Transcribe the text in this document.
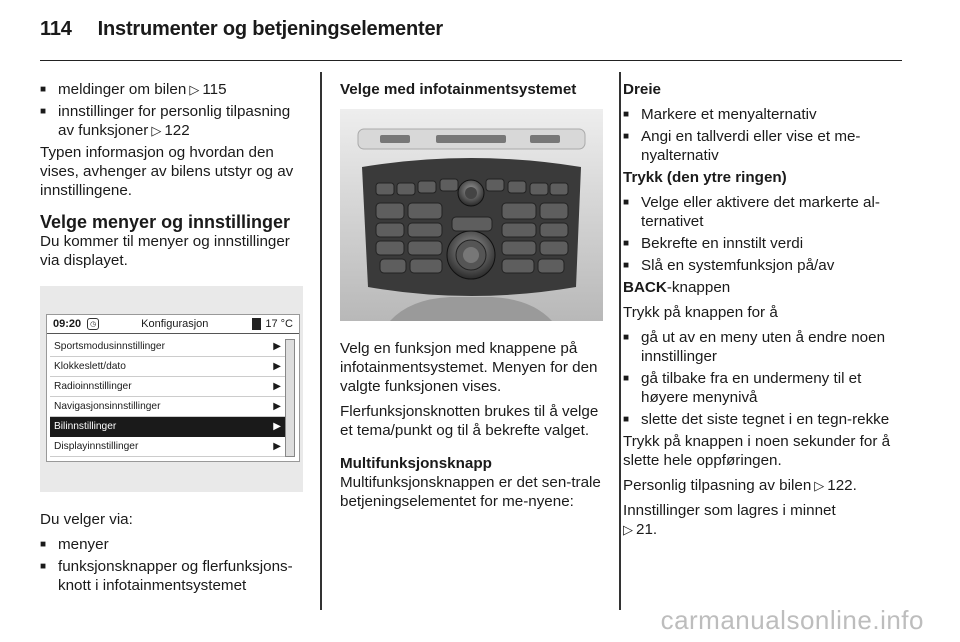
114 Instrumenter og betjeningselementer
■ meldinger om bilen ▷ 115
■ innstillinger for personlig tilpasning av funksjoner ▷ 122

Typen informasjon og hvordan den vises, avhenger av bilens utstyr og av innstillingene.

Velge menyer og innstillinger

Du kommer til menyer og innstillinger via displayet.

09:20	◷	Konfigurasjon	17 °C
Sportsmodusinnstillinger	▶
Klokkeslett/dato	▶
Radioinnstillinger	▶
Navigasjonsinnstillinger	▶
Bilinnstillinger	▶
Displayinnstillinger	▶

Du velger via:

■ menyer
■ funksjonsknapper og flerfunksjons-knott i infotainmentsystemet

Velge med infotainmentsystemet

Velg en funksjon med knappene på infotainmentsystemet. Menyen for den valgte funksjonen vises.

Flerfunksjonsknotten brukes til å velge et tema/punkt og til å bekrefte valget.

Multifunksjonsknapp

Multifunksjonsknappen er det sen-trale betjeningselementet for me-nyene:

Dreie

■ Markere et menyalternativ
■ Angi en tallverdi eller vise et me-nyalternativ

Trykk (den ytre ringen)

■ Velge eller aktivere det markerte al-ternativet
■ Bekrefte en innstilt verdi
■ Slå en systemfunksjon på/av

BACK-knappen

Trykk på knappen for å

■ gå ut av en meny uten å endre noen innstillinger
■ gå tilbake fra en undermeny til et høyere menynivå
■ slette det siste tegnet i en tegn-rekke

Trykk på knappen i noen sekunder for å slette hele oppføringen.

Personlig tilpasning av bilen ▷ 122.

Innstillinger som lagres i minnet
▷ 21.

carmanualsonline.info
